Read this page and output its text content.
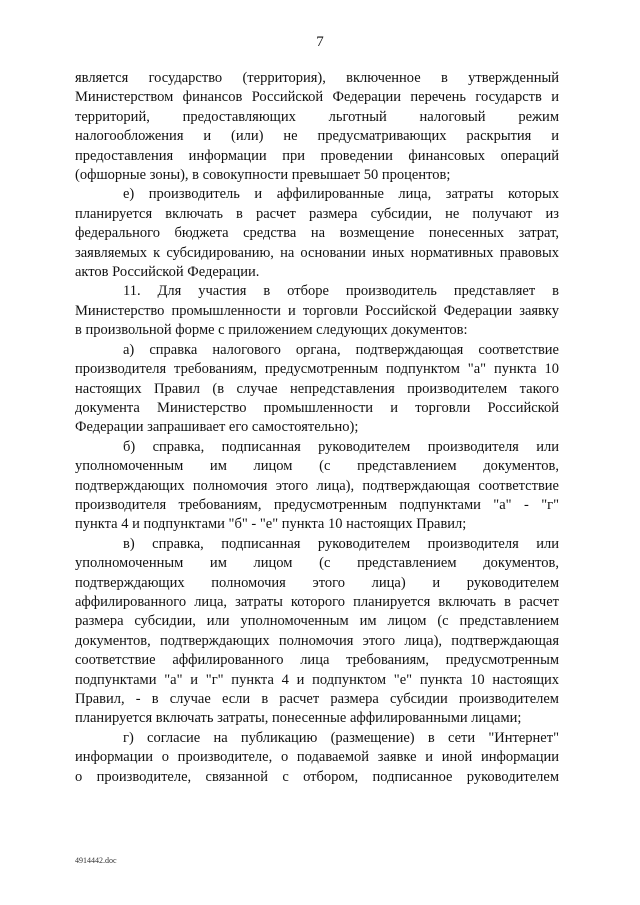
7

является государство (территория), включенное в утвержденный
Министерством финансов Российской Федерации перечень государств и
территорий, предоставляющих льготный налоговый режим
налогообложения и (или) не предусматривающих раскрытия и
предоставления информации при проведении финансовых операций
(офшорные зоны), в совокупности превышает 50 процентов;

е) производитель и аффилированные лица, затраты которых
планируется включать в расчет размера субсидии, не получают из
федерального бюджета средства на возмещение понесенных затрат,
заявляемых к субсидированию, на основании иных нормативных правовых
актов Российской Федерации.

11. Для участия в отборе производитель представляет в
Министерство промышленности и торговли Российской Федерации заявку
в произвольной форме с приложением следующих документов:

а) справка налогового органа, подтверждающая соответствие
производителя требованиям, предусмотренным подпунктом "а" пункта 10
настоящих Правил (в случае непредставления производителем такого
документа Министерство промышленности и торговли Российской
Федерации запрашивает его самостоятельно);

б) справка, подписанная руководителем производителя или
уполномоченным им лицом (с представлением документов,
подтверждающих полномочия этого лица), подтверждающая соответствие
производителя требованиям, предусмотренным подпунктами "а" - "г"
пункта 4 и подпунктами "б" - "е" пункта 10 настоящих Правил;

в) справка, подписанная руководителем производителя или
уполномоченным им лицом (с представлением документов,
подтверждающих полномочия этого лица) и руководителем
аффилированного лица, затраты которого планируется включать в расчет
размера субсидии, или уполномоченным им лицом (с представлением
документов, подтверждающих полномочия этого лица), подтверждающая
соответствие аффилированного лица требованиям, предусмотренным
подпунктами "а" и "г" пункта 4 и подпунктом "е" пункта 10 настоящих
Правил, - в случае если в расчет размера субсидии производителем
планируется включать затраты, понесенные аффилированными лицами;

г) согласие на публикацию (размещение) в сети "Интернет"
информации о производителе, о подаваемой заявке и иной информации
о производителе, связанной с отбором, подписанное руководителем

4914442.doc
